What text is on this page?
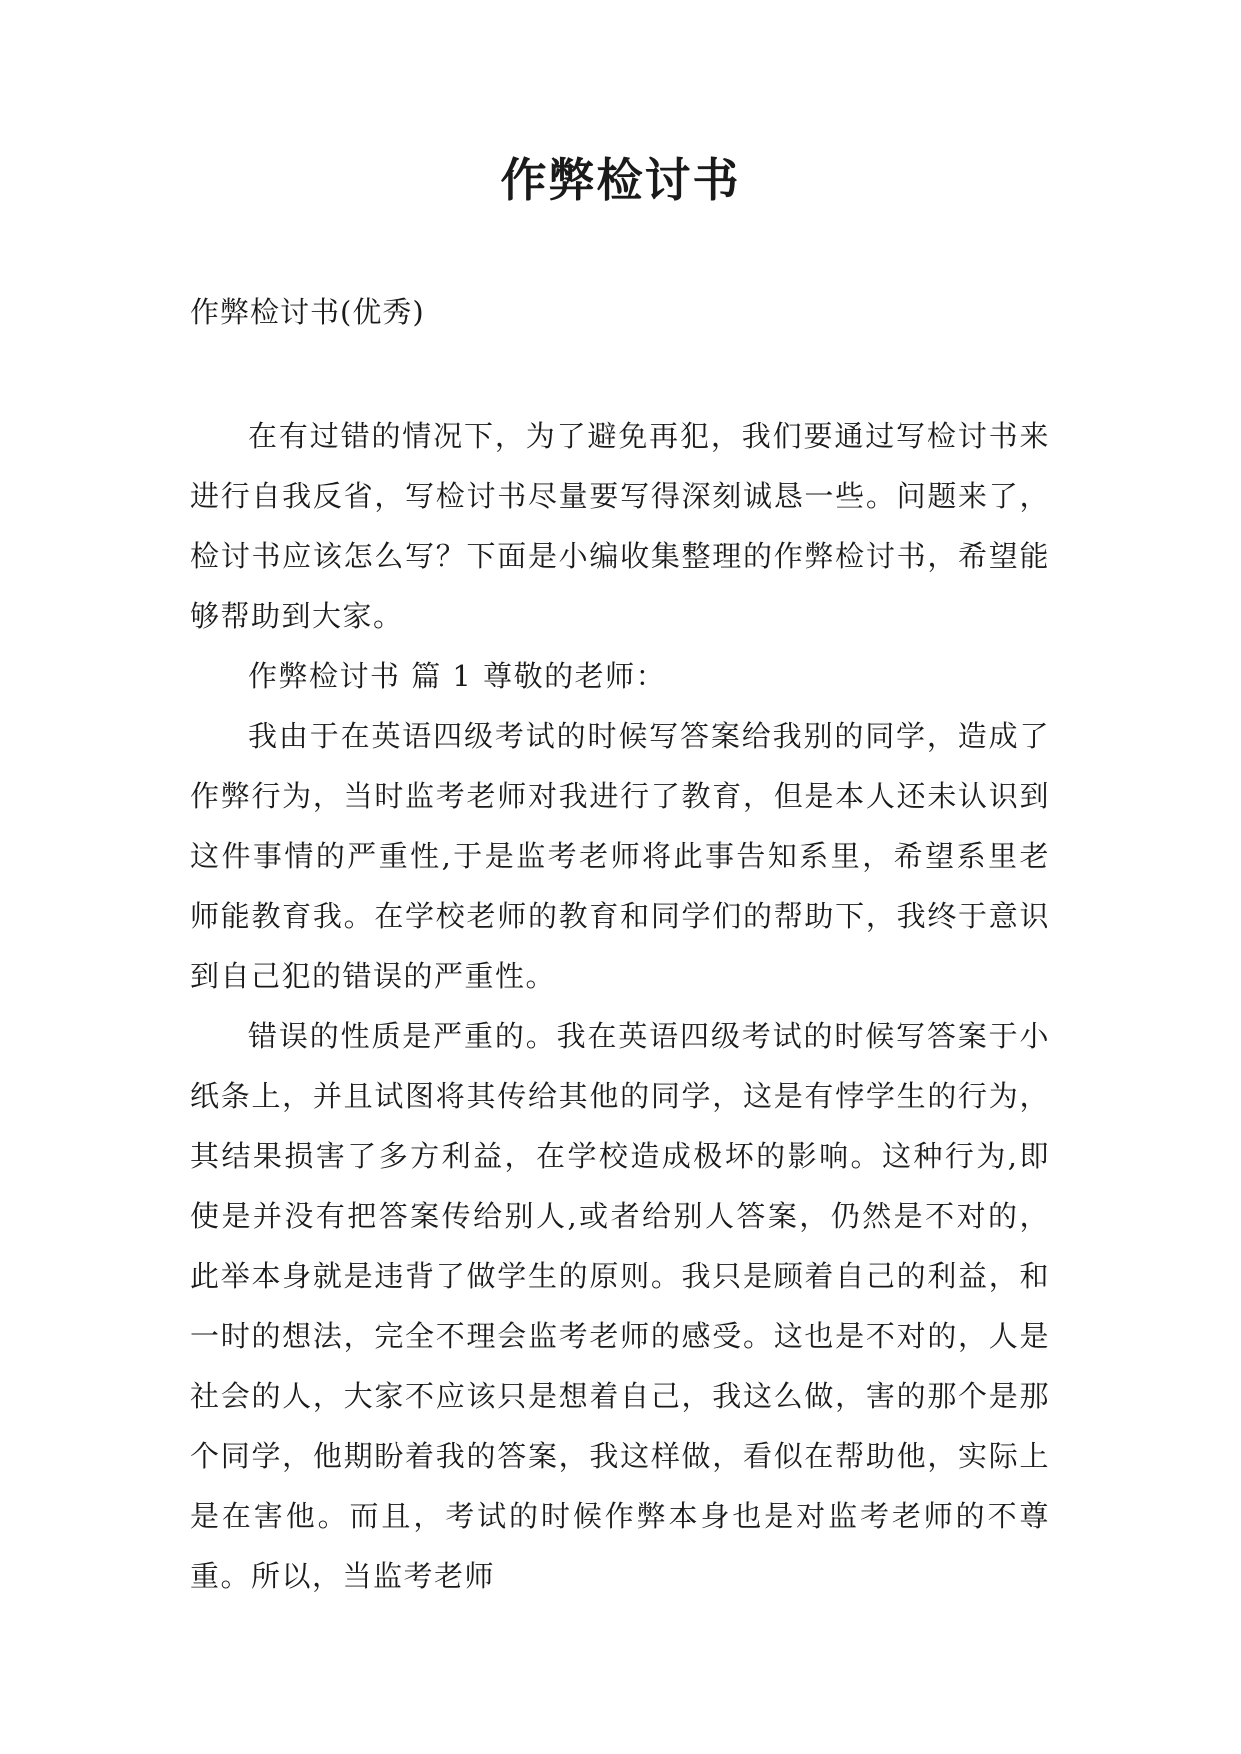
作弊检讨书
作弊检讨书(优秀)

在有过错的情况下，为了避免再犯，我们要通过写检讨书来进行自我反省，写检讨书尽量要写得深刻诚恳一些。问题来了，检讨书应该怎么写？下面是小编收集整理的作弊检讨书，希望能够帮助到大家。

作弊检讨书 篇 1 尊敬的老师：

我由于在英语四级考试的时候写答案给我别的同学，造成了作弊行为，当时监考老师对我进行了教育，但是本人还未认识到这件事情的严重性,于是监考老师将此事告知系里，希望系里老师能教育我。在学校老师的教育和同学们的帮助下，我终于意识到自己犯的错误的严重性。

错误的性质是严重的。我在英语四级考试的时候写答案于小纸条上，并且试图将其传给其他的同学，这是有悖学生的行为，其结果损害了多方利益，在学校造成极坏的影响。这种行为,即使是并没有把答案传给别人,或者给别人答案，仍然是不对的，此举本身就是违背了做学生的原则。我只是顾着自己的利益，和一时的想法，完全不理会监考老师的感受。这也是不对的，人是社会的人，大家不应该只是想着自己，我这么做，害的那个是那个同学，他期盼着我的答案，我这样做，看似在帮助他，实际上是在害他。而且，考试的时候作弊本身也是对监考老师的不尊重。所以，当监考老师
